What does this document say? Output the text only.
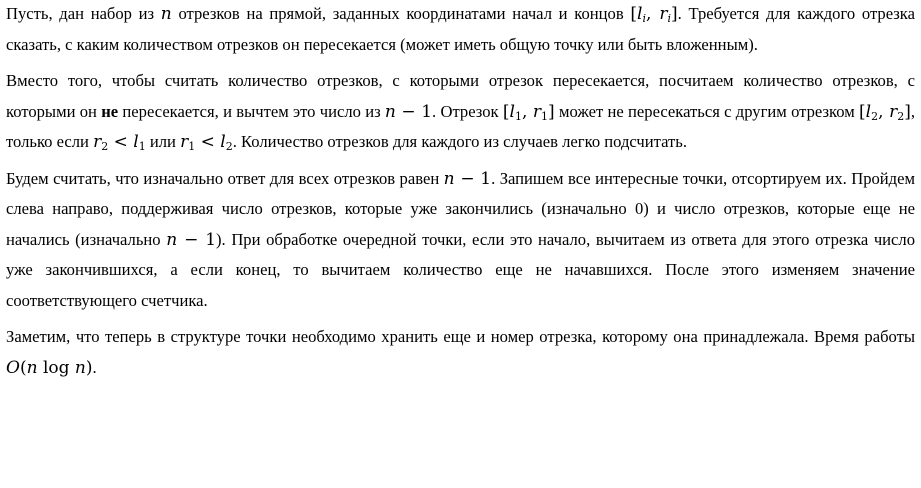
Пусть, дан набор из n отрезков на прямой, заданных координатами начал и концов [$l_i$, $r_i$]. Требуется для каждого отрезка сказать, с каким количеством отрезков он пересекается (может иметь общую точку или быть вложенным).

Вместо того, чтобы считать количество отрезков, с которыми отрезок пересекается, посчитаем количество отрезков, с которыми он не пересекается, и вычтем это число из n − 1. Отрезок [$l_1$, $r_1$] может не пересекаться с другим отрезком [$l_2$, $r_2$], только если $r_2 < l_1$ или $r_1 < l_2$. Количество отрезков для каждого из случаев легко подсчитать.

Будем считать, что изначально ответ для всех отрезков равен n − 1. Запишем все интересные точки, отсортируем их. Пройдем слева направо, поддерживая число отрезков, которые уже закончились (изначально 0) и число отрезков, которые еще не начались (изначально n − 1). При обработке очередной точки, если это начало, вычитаем из ответа для этого отрезка число уже закончившихся, а если конец, то вычитаем количество еще не начавшихся. После этого изменяем значение соответствующего счетчика.

Заметим, что теперь в структуре точки необходимо хранить еще и номер отрезка, которому она принадлежала. Время работы O(n log n).
